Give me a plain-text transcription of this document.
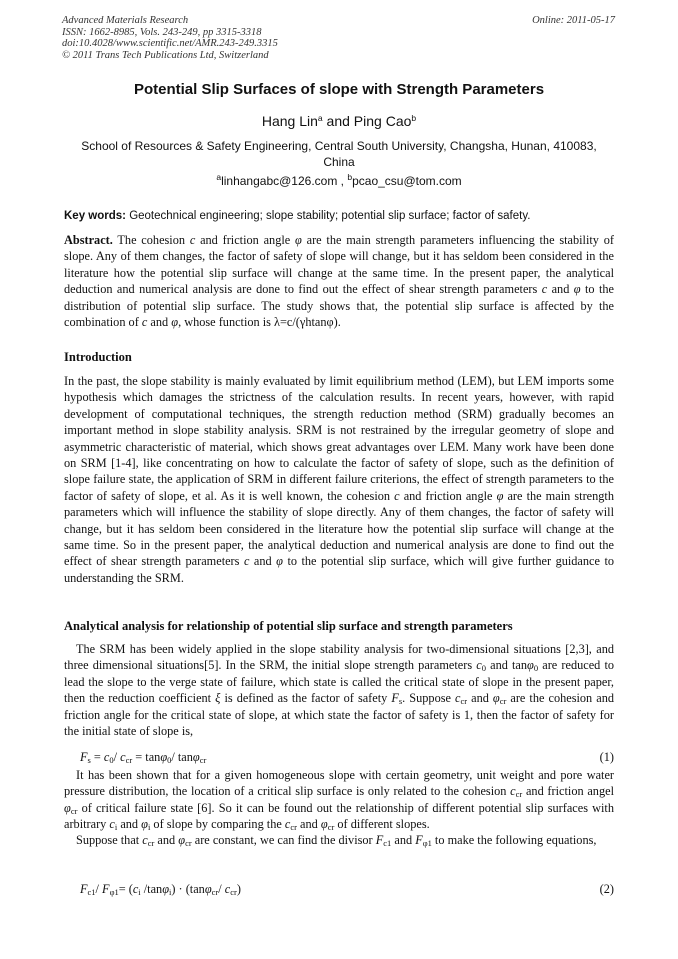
Advanced Materials Research
ISSN: 1662-8985, Vols. 243-249, pp 3315-3318
doi:10.4028/www.scientific.net/AMR.243-249.3315
© 2011 Trans Tech Publications Ltd, Switzerland
Online: 2011-05-17
Potential Slip Surfaces of slope with Strength Parameters
Hang Lin$^a$ and Ping Cao$^b$
School of Resources & Safety Engineering, Central South University, Changsha, Hunan, 410083, China
$^a$linhangabc@126.com , $^b$pcao_csu@tom.com
Key words: Geotechnical engineering; slope stability; potential slip surface; factor of safety.
Abstract. The cohesion c and friction angle φ are the main strength parameters influencing the stability of slope. Any of them changes, the factor of safety of slope will change, but it has seldom been considered in the literature how the potential slip surface will change at the same time. In the present paper, the analytical deduction and numerical analysis are done to find out the effect of shear strength parameters c and φ to the distribution of potential slip surface. The study shows that, the potential slip surface is affected by the combination of c and φ, whose function is λ=c/(γhtanφ).
Introduction
In the past, the slope stability is mainly evaluated by limit equilibrium method (LEM), but LEM imports some hypothesis which damages the strictness of the calculation results. In recent years, however, with rapid development of computational techniques, the strength reduction method (SRM) gradually becomes an important method in slope stability analysis. SRM is not restrained by the irregular geometry of slope and asymmetric characteristic of material, which shows great advantages over LEM. Many work have been done on SRM [1-4], like concentrating on how to calculate the factor of safety of slope, such as the definition of slope failure state, the application of SRM in different failure criterions, the effect of strength parameters to the factor of safety of slope, et al. As it is well known, the cohesion c and friction angle φ are the main strength parameters which will influence the stability of slope directly. Any of them changes, the factor of safety will change, but it has seldom been considered in the literature how the potential slip surface will change at the same time. So in the present paper, the analytical deduction and numerical analysis are done to find out the effect of shear strength parameters c and φ to the potential slip surface, which will give further guidance to understanding the SRM.
Analytical analysis for relationship of potential slip surface and strength parameters
The SRM has been widely applied in the slope stability analysis for two-dimensional situations [2,3], and three dimensional situations[5]. In the SRM, the initial slope strength parameters $c_0$ and tanφ$_0$ are reduced to lead the slope to the verge state of failure, which state is called the critical state of slope in the present paper, then the reduction coefficient ξ is defined as the factor of safety $F_s$. Suppose $c_{cr}$ and $\varphi_{cr}$ are the cohesion and friction angle for the critical state of slope, at which state the factor of safety is 1, then the factor of safety for the initial state of slope is,
$F_s = c_0/$ $c_{cr} = \tan\varphi_0/$ tanφ$_{cr}$	(1)
It has been shown that for a given homogeneous slope with certain geometry, unit weight and pore water pressure distribution, the location of a critical slip surface is only related to the cohesion $c_{cr}$ and friction angel $\varphi_{cr}$ of critical failure state [6]. So it can be found out the relationship of different potential slip surfaces with arbitrary $c_i$ and $\varphi_i$ of slope by comparing the $c_{cr}$ and $\varphi_{cr}$ of different slopes.
Suppose that $c_{cr}$ and $\varphi_{cr}$ are constant, we can find the divisor $F_{c1}$ and $F_{\varphi 1}$ to make the following equations,
$F_{c1}/$ $F_{\varphi 1}= (c_i$ /tanφ$_i$) · (tanφ$_{cr}$/ $c_{cr}$)	(2)
